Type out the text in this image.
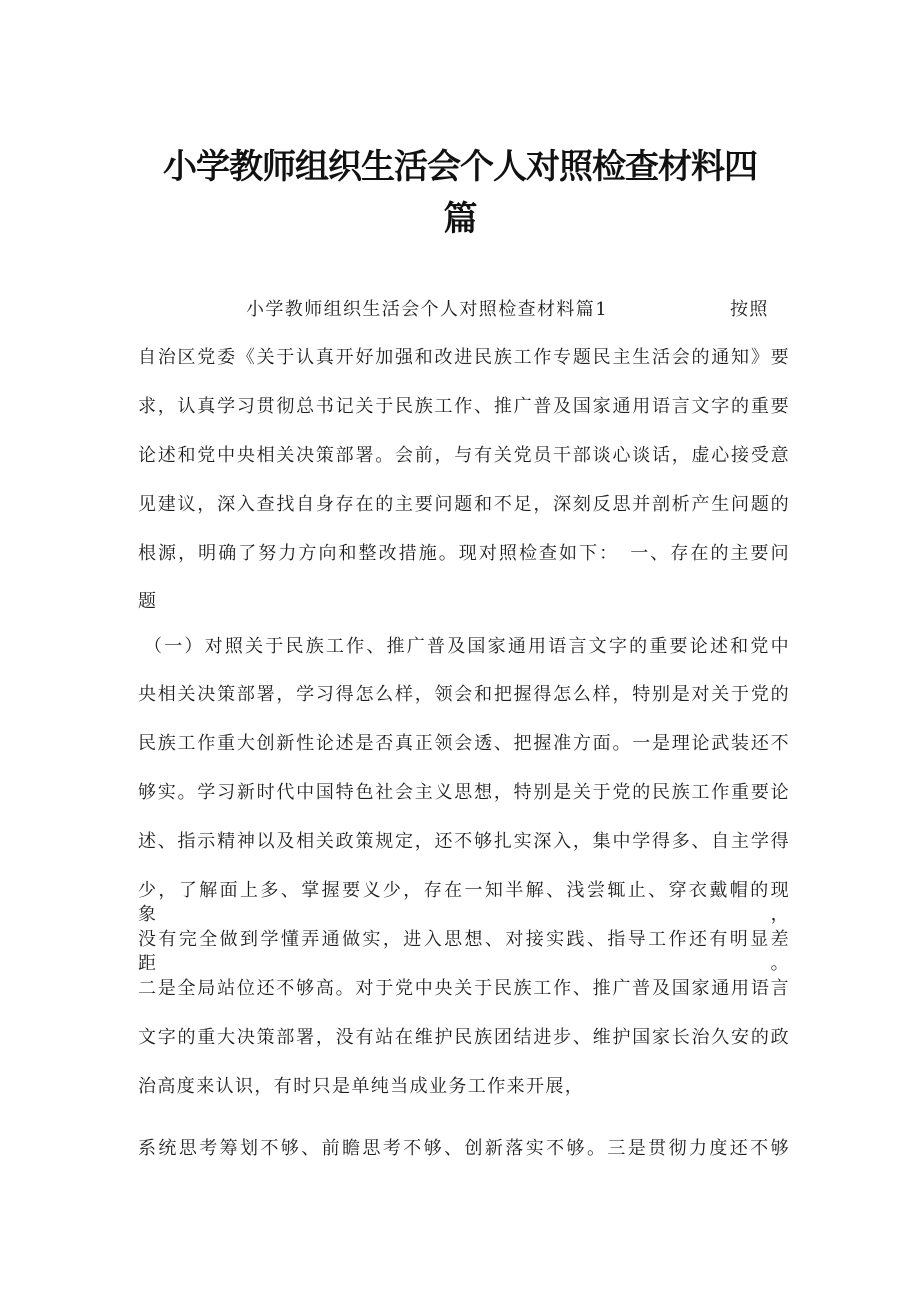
小学教师组织生活会个人对照检查材料四
篇

小学教师组织生活会个人对照检查材料篇1	按照

自治区党委《关于认真开好加强和改进民族工作专题民主生活会的通知》要

求，认真学习贯彻总书记关于民族工作、推广普及国家通用语言文字的重要

论述和党中央相关决策部署。会前，与有关党员干部谈心谈话，虚心接受意

见建议，深入查找自身存在的主要问题和不足，深刻反思并剖析产生问题的

根源，明确了努力方向和整改措施。现对照检查如下：　一、存在的主要问

题

（一）对照关于民族工作、推广普及国家通用语言文字的重要论述和党中

央相关决策部署，学习得怎么样，领会和把握得怎么样，特别是对关于党的

民族工作重大创新性论述是否真正领会透、把握准方面。一是理论武装还不

够实。学习新时代中国特色社会主义思想，特别是关于党的民族工作重要论

述、指示精神以及相关政策规定，还不够扎实深入，集中学得多、自主学得

少，了解面上多、掌握要义少，存在一知半解、浅尝辄止、穿衣戴帽的现象，

没有完全做到学懂弄通做实，进入思想、对接实践、指导工作还有明显差距。

二是全局站位还不够高。对于党中央关于民族工作、推广普及国家通用语言

文字的重大决策部署，没有站在维护民族团结进步、维护国家长治久安的政

治高度来认识，有时只是单纯当成业务工作来开展，

系统思考筹划不够、前瞻思考不够、创新落实不够。三是贯彻力度还不够
